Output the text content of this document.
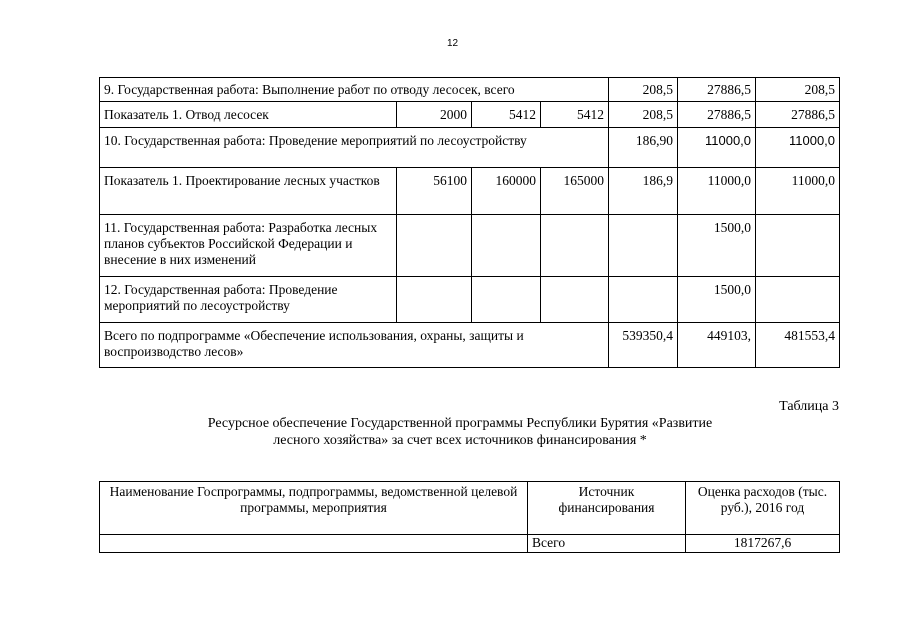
12
9. Государственная работа: Выполнение работ по отводу лесосек, всего				208,5	27886,5	208,5
Показатель 1. Отвод лесосек	2000	5412	5412	208,5	27886,5	27886,5
10. Государственная работа: Проведение мероприятий по лесоустройству				186,90	11000,0	11000,0
Показатель 1. Проектирование лесных участков	56100	160000	165000	186,9	11000,0	11000,0
11. Государственная работа: Разработка лесных планов субъектов Российской Федерации и внесение в них изменений					1500,0	
12. Государственная работа: Проведение мероприятий по лесоустройству					1500,0	
Всего по подпрограмме «Обеспечение использования, охраны, защиты и воспроизводство лесов»				539350,4	449103,	481553,4
Таблица 3
Ресурсное обеспечение Государственной программы Республики Бурятия «Развитие лесного хозяйства» за счет всех источников финансирования *
Наименование Госпрограммы, подпрограммы, ведомственной целевой программы, мероприятия	Источник финансирования	Оценка расходов (тыс. руб.), 2016 год
	Всего	1817267,6
